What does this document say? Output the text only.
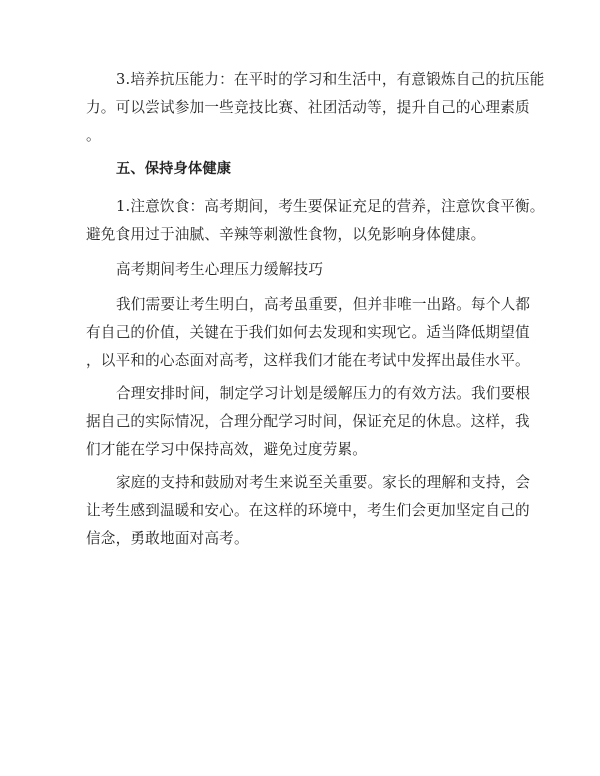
3.培养抗压能力：在平时的学习和生活中，有意锻炼自己的抗压能
力。可以尝试参加一些竞技比赛、社团活动等，提升自己的心理素质
。
五、保持身体健康
1.注意饮食：高考期间，考生要保证充足的营养，注意饮食平衡。
避免食用过于油腻、辛辣等刺激性食物，以免影响身体健康。
高考期间考生心理压力缓解技巧
我们需要让考生明白，高考虽重要，但并非唯一出路。每个人都
有自己的价值，关键在于我们如何去发现和实现它。适当降低期望值
，以平和的心态面对高考，这样我们才能在考试中发挥出最佳水平。
合理安排时间，制定学习计划是缓解压力的有效方法。我们要根
据自己的实际情况，合理分配学习时间，保证充足的休息。这样，我
们才能在学习中保持高效，避免过度劳累。
家庭的支持和鼓励对考生来说至关重要。家长的理解和支持，会
让考生感到温暖和安心。在这样的环境中，考生们会更加坚定自己的
信念，勇敢地面对高考。
